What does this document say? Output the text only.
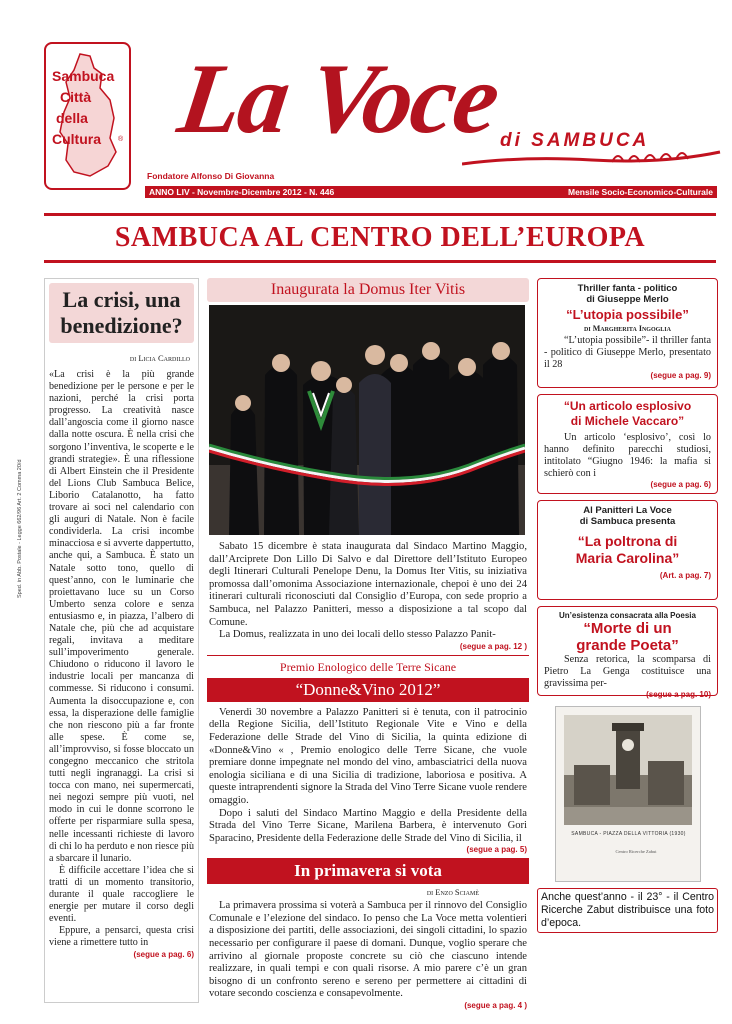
Sambuca
Città
della
Cultura	® La Voce
di SAMBUCA
Fondatore Alfonso Di Giovanna
ANNO LIV - Novembre-Dicembre 2012 - N. 446	Mensile Socio-Economico-Culturale
SAMBUCA AL CENTRO DELL’EUROPA
Sped. in Abb. Postale - Legge 662/96 Art. 2 Comma 20/d
La crisi, una
benedizione?
di Licia Cardillo
«La crisi è la più grande benedizione per le persone e per le nazioni, perché la crisi porta progresso. La creatività nasce dall’angoscia come il giorno nasce dalla notte oscura. È nella crisi che sorgono l’inventiva, le scoperte e le grandi strategie». È una riflessione di Albert Einstein che il Presidente del Lions Club Sambuca Belice, Liborio Catalanotto, ha fatto trovare ai soci nel calendario con gli auguri di Natale. Non è facile condividerla. La crisi incombe minacciosa e si avverte dappertutto, anche qui, a Sambuca. È stato un Natale sotto tono, quello di quest’anno, con le luminarie che proiettavano luce su un Corso Umberto senza colore e senza entusiasmo e, in piazza, l’albero di Natale che, più che ad acquistare regali, invitava a meditare sull’impoverimento generale. Chiudono o riducono il lavoro le industrie locali per mancanza di commesse. Si riducono i consumi. Aumenta la disoccupazione e, con essa, la disperazione delle famiglie che non riescono più a far fronte alle spese. È come se, all’improvviso, si fosse bloccato un congegno meccanico che stritola tutti negli ingranaggi. La crisi si tocca con mano, nei supermercati, nei negozi sempre più vuoti, nel modo in cui le donne scorrono le offerte per risparmiare sulla spesa, nelle incessanti richieste di lavoro di chi lo ha perduto e non riesce più a sbarcare il lunario.
È difficile accettare l’idea che si tratti di un momento transitorio, durante il quale raccogliere le energie per mutare il corso degli eventi.
Eppure, a pensarci, questa crisi viene a rimettere tutto in
(segue a pag. 6)
Inaugurata la Domus Iter Vitis
Sabato 15 dicembre è stata inaugurata dal Sindaco Martino Maggio, dall’Arciprete Don Lillo Di Salvo e dal Direttore dell’Istituto Europeo degli Itinerari Culturali Penelope Denu, la Domus Iter Vitis, su iniziativa promossa dall’omonima Associazione internazionale, chepoi è uno dei 24 itinerari culturali riconosciuti dal Consiglio d’Europa, con sede proprio a Sambuca, nel Palazzo Panitteri, messo a disposizione a tal scopo dal Comune.
La Domus, realizzata in uno dei locali dello stesso Palazzo Panit-
(segue a pag. 12 )
Premio Enologico delle Terre Sicane
“Donne&Vino 2012”
Venerdì 30 novembre a Palazzo Panitteri si è tenuta, con il patrocinio della Regione Sicilia, dell’Istituto Regionale Vite e Vino e della Federazione delle Strade del Vino di Sicilia, la quinta edizione di «Donne&Vino « , Premio enologico delle Terre Sicane, che vuole premiare donne impegnate nel mondo del vino, ambasciatrici della nuova enologia siciliana e di una Sicilia di tradizione, laboriosa e positiva. A queste intraprendenti signore la Strada del Vino Terre Sicane vuole rendere omaggio.
Dopo i saluti del Sindaco Martino Maggio e della Presidente della Strada del Vino Terre Sicane, Marilena Barbera, è intervenuto Gori Sparacino, Presidente della Federazione delle Strade del Vino di Sicilia, il
(segue a pag. 5)
In primavera si vota
di Enzo Sciamè
La primavera prossima si voterà a Sambuca per il rinnovo del Consiglio Comunale e l’elezione del sindaco. Io penso che La Voce metta volentieri a disposizione dei partiti, delle associazioni, dei singoli cittadini, lo spazio necessario per configurare il paese di domani. Dunque, voglio sperare che arrivino al giornale proposte concrete su ciò che ciascuno intende realizzare, in quali tempi e con quali risorse. A mio parere c’è un gran bisogno di un confronto sereno e sereno per permettere ai cittadini di votare secondo coscienza e consapevolmente.
(segue a pag. 4 )
Thriller fanta - politico
di Giuseppe Merlo
“L’utopia possibile”
di Margherita Ingoglia
“L’utopia possibile”- il thriller fanta - politico di Giuseppe Merlo, presentato il 28
(segue a pag. 9)
“Un articolo esplosivo
di Michele Vaccaro”
Un articolo ‘esplosivo’, così lo hanno definito parecchi studiosi, intitolato “Giugno 1946: la mafia si schierò con i
(segue a pag. 6)
Al Panitteri La Voce
di Sambuca presenta
“La poltrona di
Maria Carolina”
(Art. a pag. 7)
Un’esistenza consacrata alla Poesia
“Morte di un
grande Poeta”
Senza retorica, la scomparsa di Pietro La Genga costituisce una gravissima per-
(segue a pag. 10)
SAMBUCA - PIAZZA DELLA VITTORIA (1930)
Centro Ricerche Zabut
Anche quest’anno - il 23° - il Centro Ricerche Zabut distribuisce una foto d’epoca.
